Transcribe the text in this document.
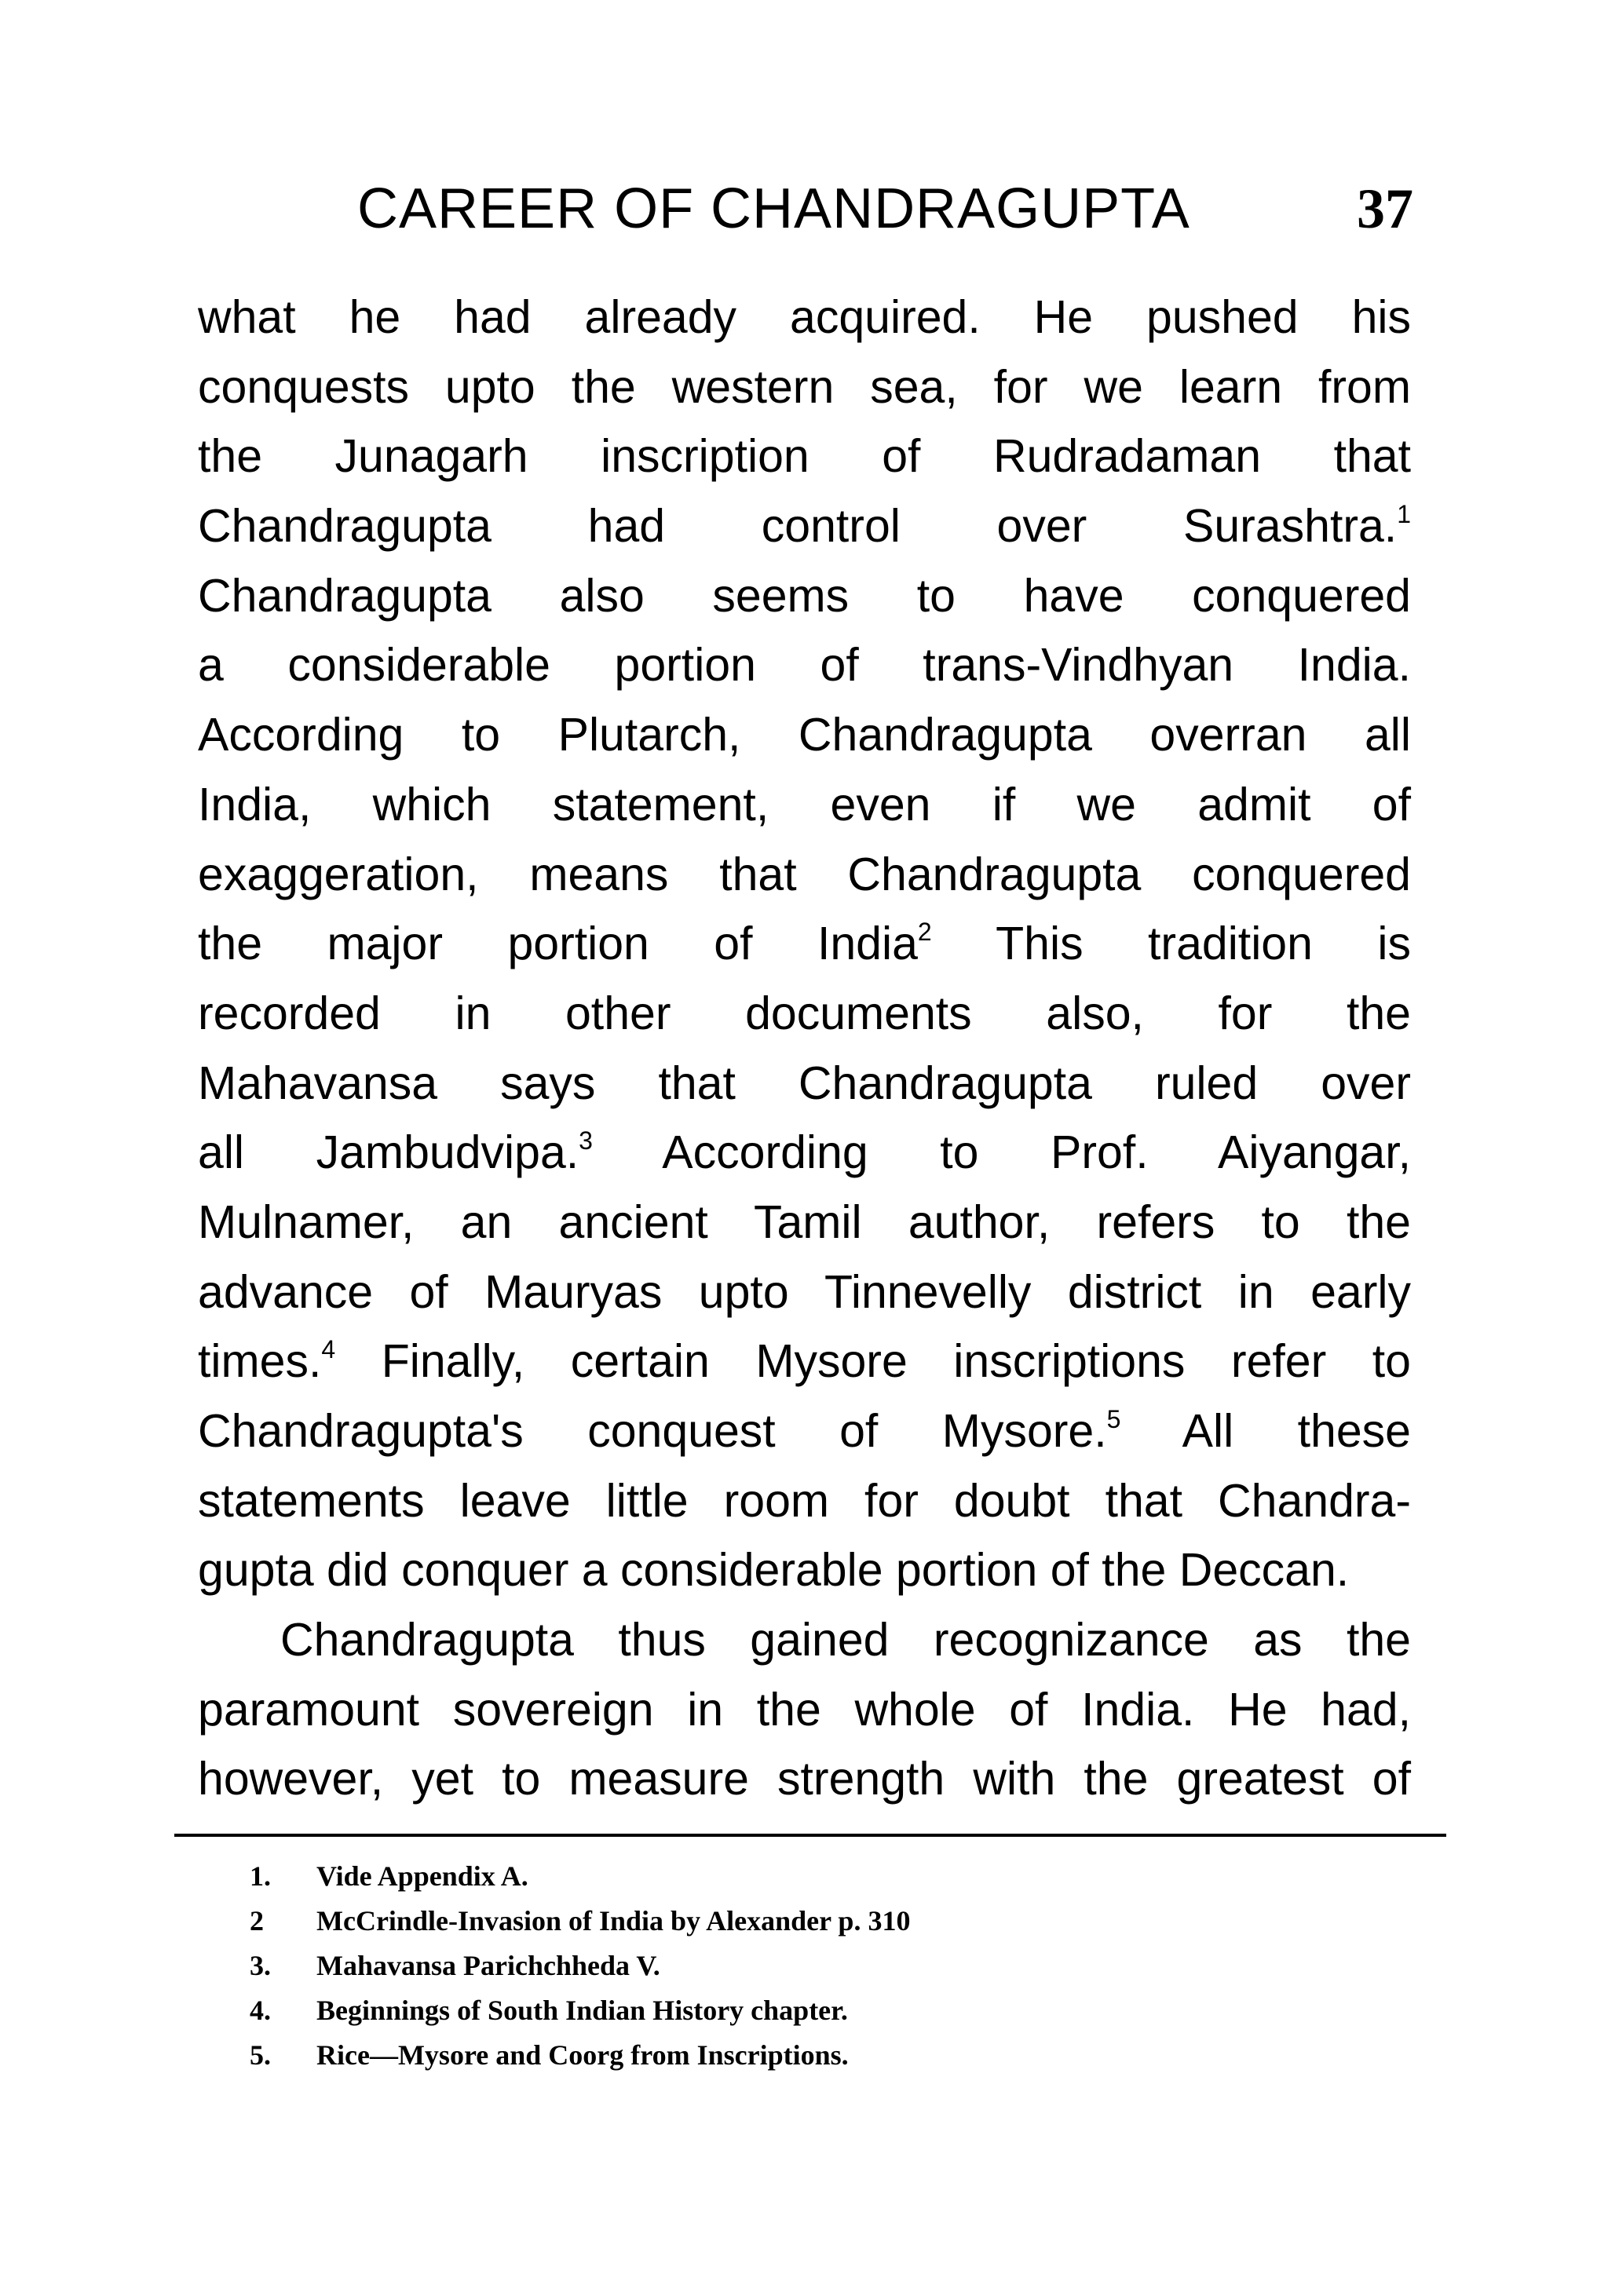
CAREER OF CHANDRAGUPTA	37
what he had already acquired. He pushed his
conquests upto the western sea, for we learn from
the Junagarh inscription of Rudradaman that
Chandragupta had control over Surashtra.$^1$
Chandragupta also seems to have conquered
a considerable portion of trans-Vindhyan India.
According to Plutarch, Chandragupta overran all
India, which statement, even if we admit of
exaggeration, means that Chandragupta conquered
the major portion of India$^2$ This tradition is
recorded in other documents also, for the
Mahavansa says that Chandragupta ruled over
all Jambudvipa.$^3$ According to Prof. Aiyangar,
Mulnamer, an ancient Tamil author, refers to the
advance of Mauryas upto Tinnevelly district in early
times.$^4$ Finally, certain Mysore inscriptions refer to
Chandragupta's conquest of Mysore.$^5$ All these
statements leave little room for doubt that Chandra-
gupta did conquer a considerable portion of the Deccan.
Chandragupta thus gained recognizance as the
paramount sovereign in the whole of India. He had,
however, yet to measure strength with the greatest of
1. Vide Appendix A.
2 McCrindle-Invasion of India by Alexander p. 310
3. Mahavansa Parichchheda V.
4. Beginnings of South Indian History chapter.
5. Rice—Mysore and Coorg from Inscriptions.
